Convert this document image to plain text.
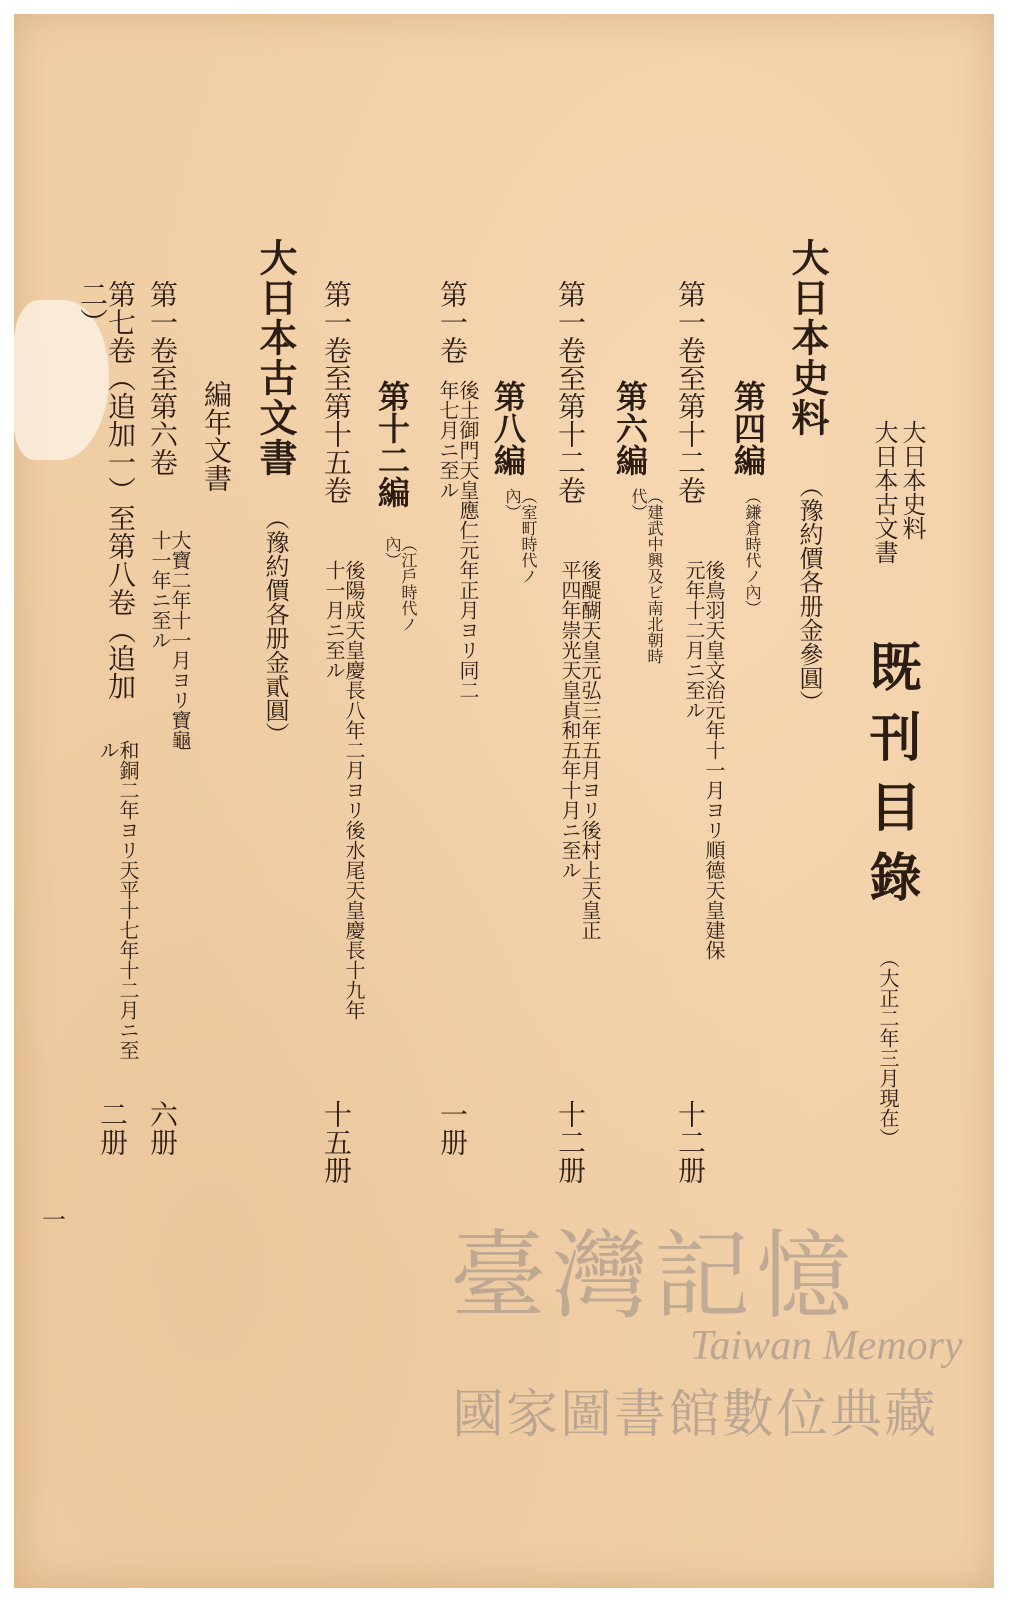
大日本史料
大日本古文書
既刊目錄
（大正二年三月現在）
大日本史料
（豫約價各册金參圓）
第四編
（鎌倉時代ノ內）
第一卷至第十二卷
後鳥羽天皇文治元年十一月ヨリ順德天皇建保元年十二月ニ至ル
十二册
第六編
（建武中興及ビ南北朝時代）
第一卷至第十二卷
後醍醐天皇元弘三年五月ヨリ後村上天皇正平四年崇光天皇貞和五年十月ニ至ル
十二册
第八編
（室町時代ノ內）
第一卷
後土御門天皇應仁元年正月ヨリ同二年七月ニ至ル
一册
第十二編
（江戶時代ノ內）
第一卷至第十五卷
後陽成天皇慶長八年二月ヨリ後水尾天皇慶長十九年十一月ニ至ル
十五册
大日本古文書
（豫約價各册金貳圓）
編年文書
第一卷至第六卷
大寶二年十一月ヨリ寶龜十一年ニ至ル
六册
第七卷（追加一）至第八卷（追加二）
和銅二年ヨリ天平十七年十二月ニ至ル
二册
一	臺灣記憶
Taiwan Memory
國家圖書館數位典藏
